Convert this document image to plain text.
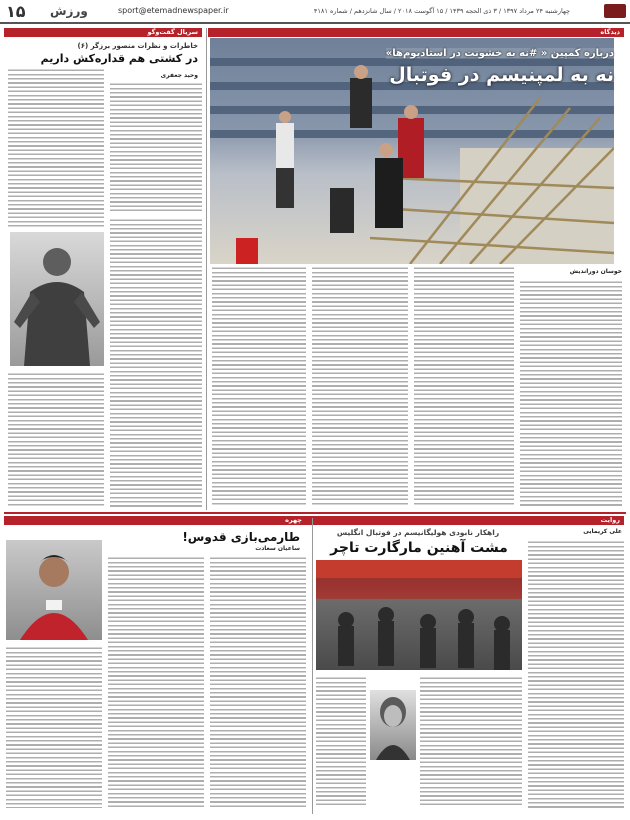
چهارشنبه ۲۴ مرداد ۱۳۹۷ / ۳ ذی الحجه ۱۴۳۹ / ۱۵ آگوست ۲۰۱۸ / سال شانزدهم / شماره ۴۱۸۱
sport@etemadnewspaper.ir
ورزش
۱۵
دیدگاه
درباره کمپین « #نه به خشونت در استادیوم‌ها»
نه به لمپنیسم در فوتبال
خوسان دوراندیش
سریال گفت‌وگو
خاطرات و نظرات منصور برزگر (۶)
در کشتی هم قداره‌کش داریم
وحید جعفری
روایت
علی کریمایی
راهکار نابودی هولیگانیسم در فوتبال انگلیس
مشت آهنین مارگارت تاچر
چهره
طارمی‌بازی قدوس!
ساعیان سعادت
